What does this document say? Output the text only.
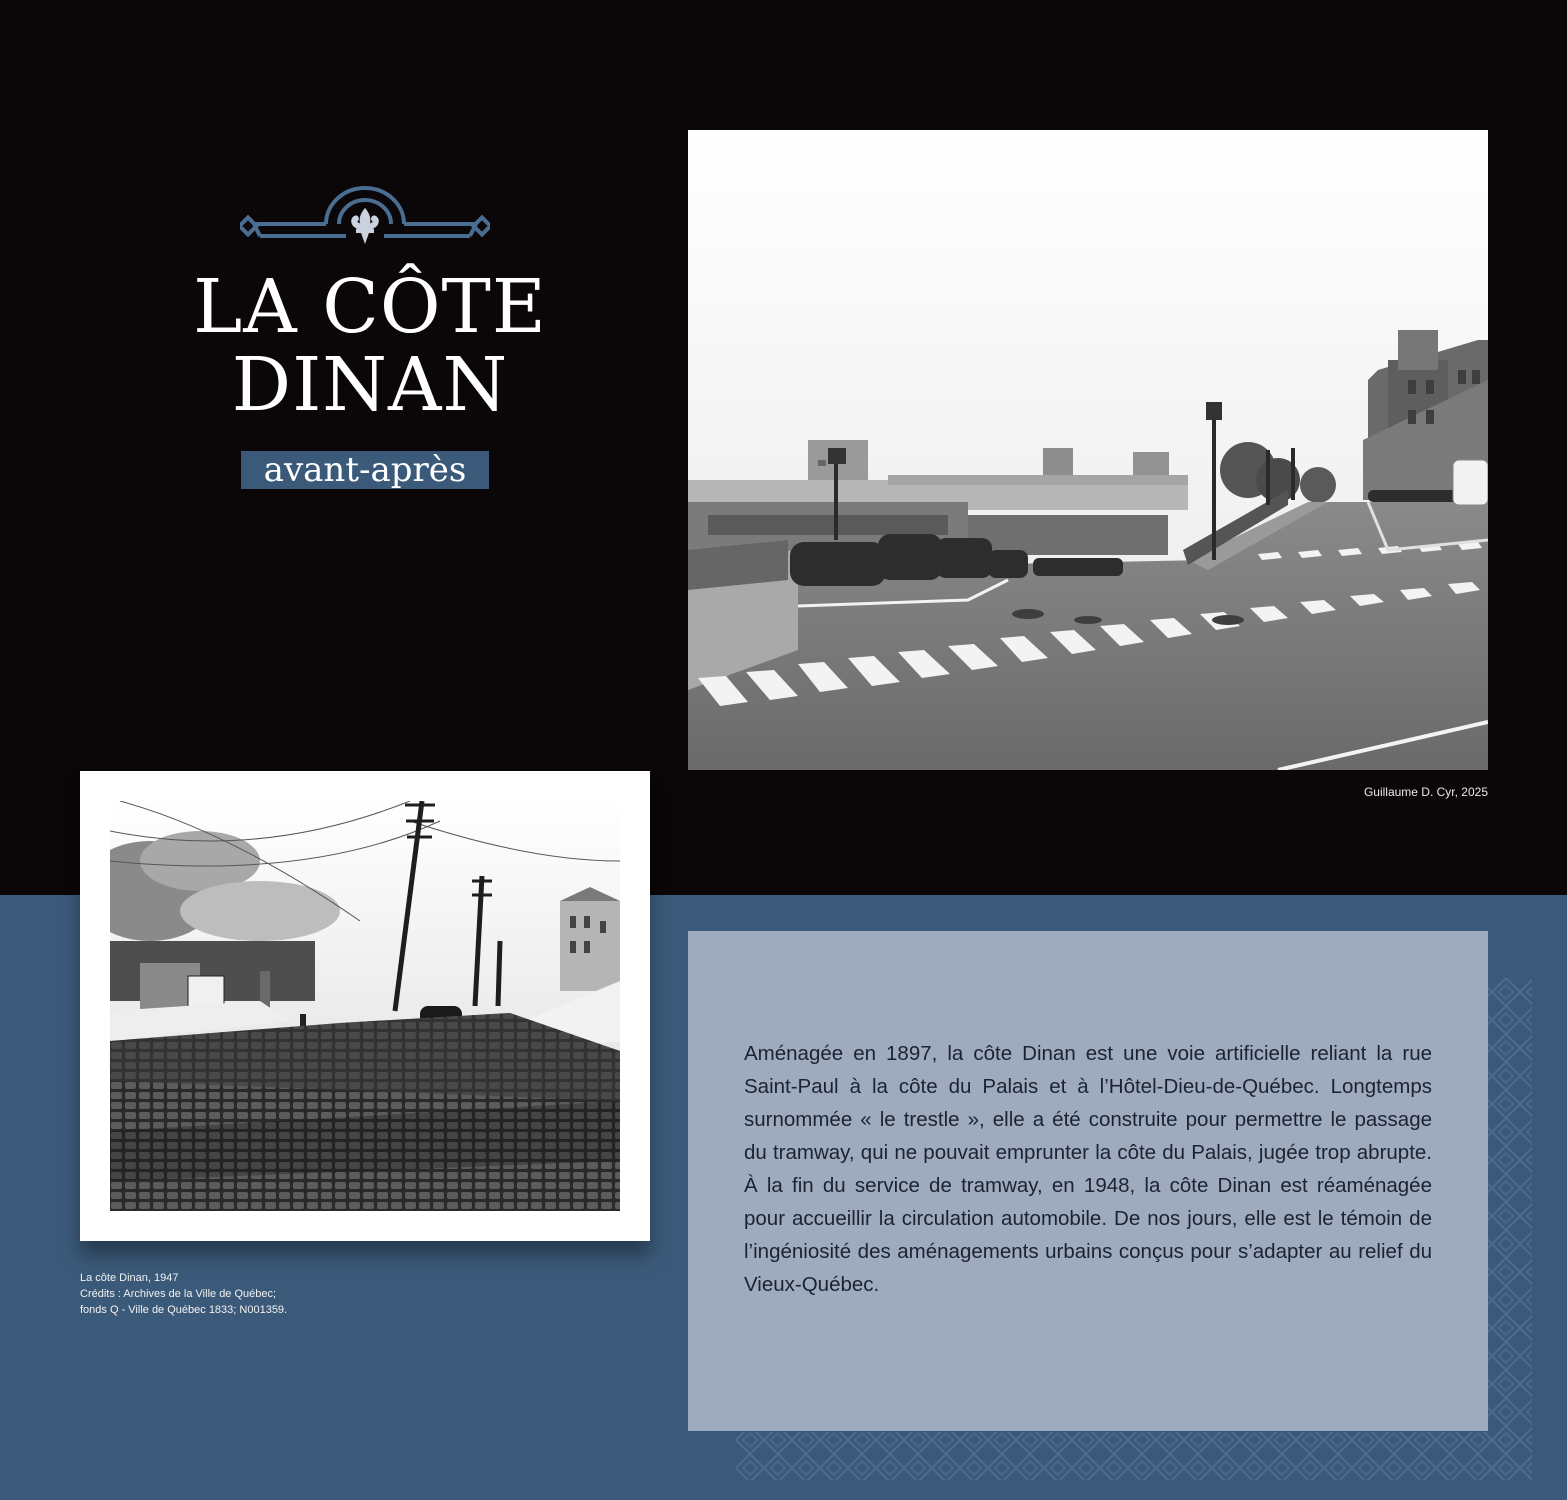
LA CÔTE
DINAN
avant-après
Guillaume D. Cyr, 2025
La côte Dinan, 1947
Crédits : Archives de la Ville de Québec;
fonds Q - Ville de Québec 1833; N001359.

Aménagée en 1897, la côte Dinan est une voie artificielle reliant la rue Saint-Paul à la côte du Palais et à l’Hôtel-Dieu-de-Québec. Longtemps surnommée « le trestle », elle a été construite pour permettre le passage du tramway, qui ne pouvait emprunter la côte du Palais, jugée trop abrupte. À la fin du service de tramway, en 1948, la côte Dinan est réaménagée pour accueillir la circulation automobile. De nos jours, elle est le témoin de l’ingéniosité des aménagements urbains conçus pour s’adapter au relief du Vieux-Québec.
